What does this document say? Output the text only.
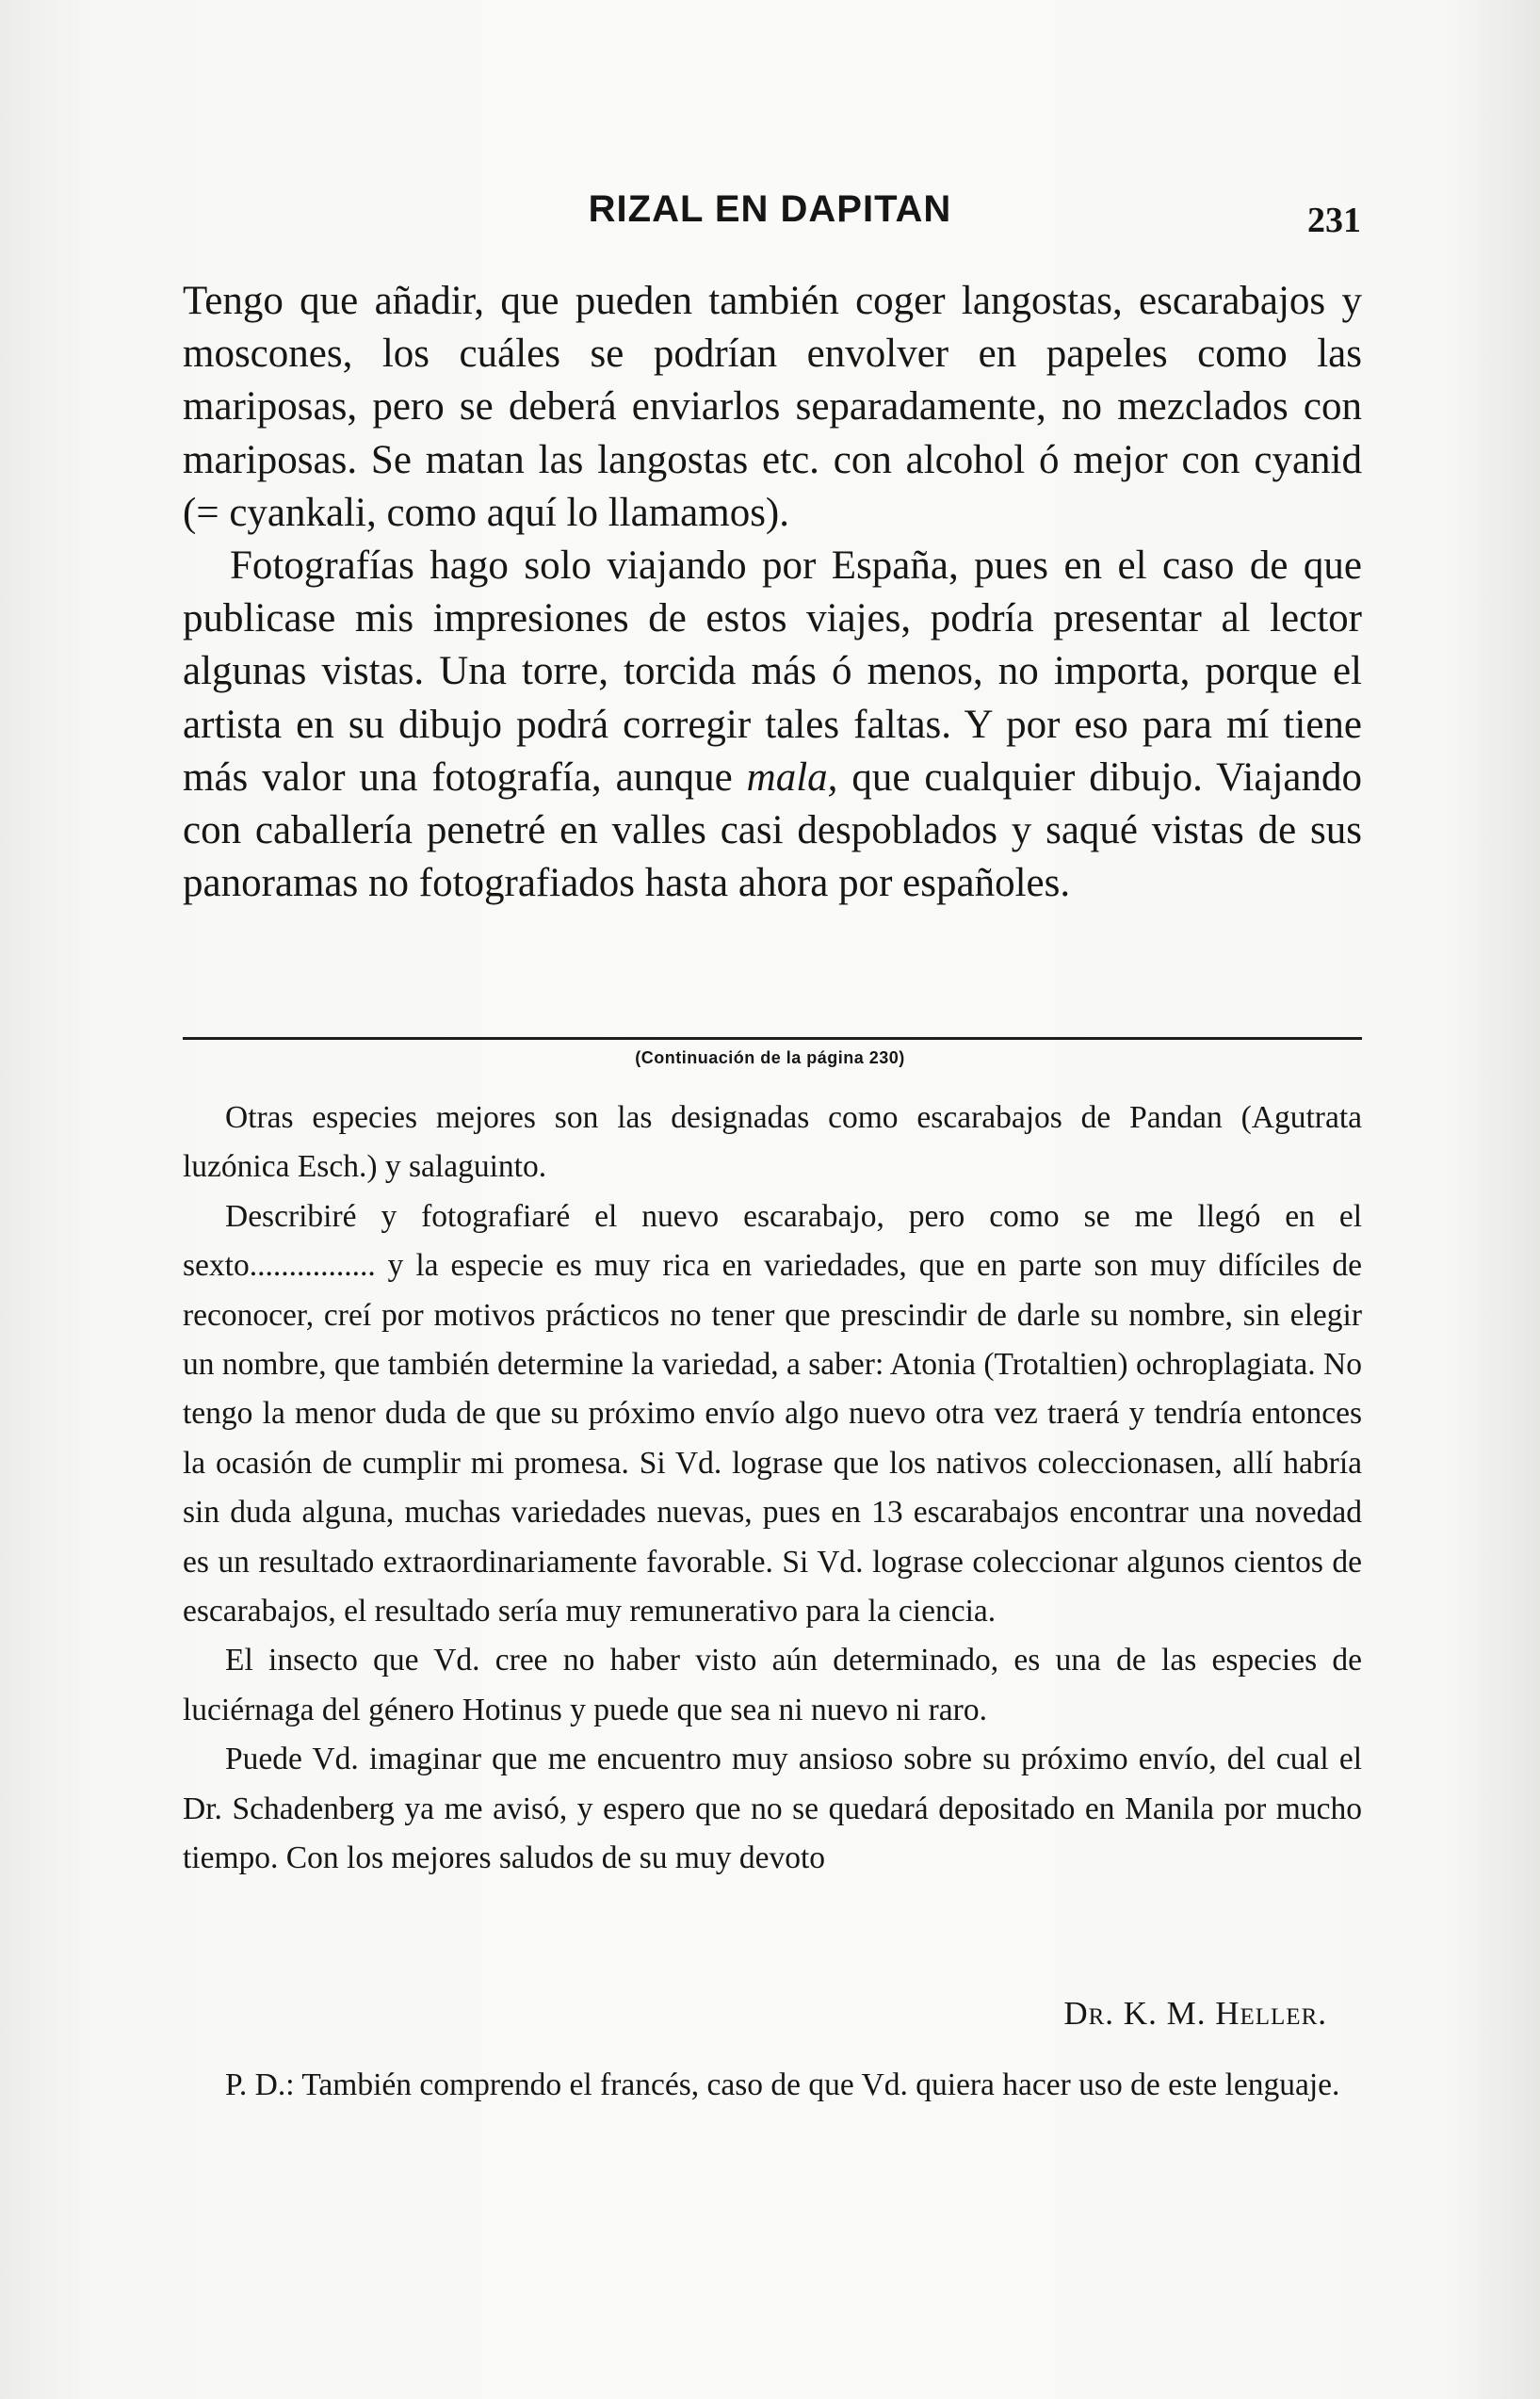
RIZAL EN DAPITAN	231

Tengo que añadir, que pueden también coger langostas, escarabajos y moscones, los cuáles se podrían envolver en papeles como las mariposas, pero se deberá enviarlos separadamente, no mezclados con mariposas. Se matan las langostas etc. con alcohol ó mejor con cyanid (= cyankali, como aquí lo llamamos).

Fotografías hago solo viajando por España, pues en el caso de que publicase mis impresiones de estos viajes, podría presentar al lector algunas vistas. Una torre, torcida más ó menos, no importa, porque el artista en su dibujo podrá corregir tales faltas. Y por eso para mí tiene más valor una fotografía, aunque mala, que cualquier dibujo. Viajando con caballería penetré en valles casi despoblados y saqué vistas de sus panoramas no fotografiados hasta ahora por españoles.

(Continuación de la página 230)

Otras especies mejores son las designadas como escarabajos de Pandan (Agutrata luzónica Esch.) y salaguinto.

Describiré y fotografiaré el nuevo escarabajo, pero como se me llegó en el sexto................ y la especie es muy rica en variedades, que en parte son muy difíciles de reconocer, creí por motivos prácticos no tener que prescindir de darle su nombre, sin elegir un nombre, que también determine la variedad, a saber: Atonia (Trotaltien) ochroplagiata. No tengo la menor duda de que su próximo envío algo nuevo otra vez traerá y tendría entonces la ocasión de cumplir mi promesa. Si Vd. lograse que los nativos coleccionasen, allí habría sin duda alguna, muchas variedades nuevas, pues en 13 escarabajos encontrar una novedad es un resultado extraordinariamente favorable. Si Vd. lograse coleccionar algunos cientos de escarabajos, el resultado sería muy remunerativo para la ciencia.

El insecto que Vd. cree no haber visto aún determinado, es una de las especies de luciérnaga del género Hotinus y puede que sea ni nuevo ni raro.

Puede Vd. imaginar que me encuentro muy ansioso sobre su próximo envío, del cual el Dr. Schadenberg ya me avisó, y espero que no se quedará depositado en Manila por mucho tiempo. Con los mejores saludos de su muy devoto

Dr. K. M. Heller.

P. D.: También comprendo el francés, caso de que Vd. quiera hacer uso de este lenguaje.
